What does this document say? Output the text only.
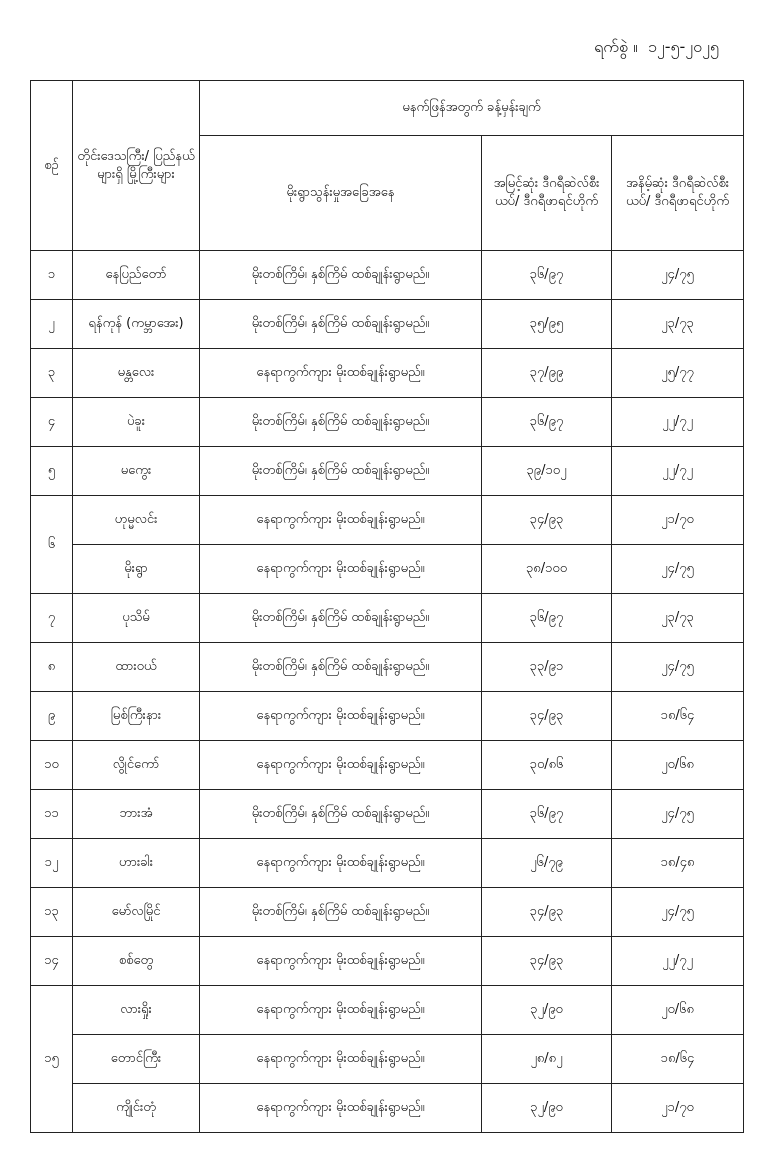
ရက်စွဲ ။ ၁၂-၅-၂၀၂၅
စဉ်	တိုင်းဒေသကြီး/ ပြည်နယ်များရှိ မြို့ကြီးများ	မနက်ဖြန်အတွက် ခန့်မှန်းချက်		
		မိုးရွာသွန်းမှုအခြေအနေ	အမြင့်ဆုံး ဒီဂရီဆဲလ်စီးယပ်/ ဒီဂရီဖာရင်ဟိုက်	အနိမ့်ဆုံး ဒီဂရီဆဲလ်စီးယပ်/ ဒီဂရီဖာရင်ဟိုက်
၁	နေပြည်တော်	မိုးတစ်ကြိမ်၊ နှစ်ကြိမ် ထစ်ချုန်းရွာမည်။	၃၆/၉၇	၂၄/၇၅
၂	ရန်ကုန် (ကမ္ဘာအေး)	မိုးတစ်ကြိမ်၊ နှစ်ကြိမ် ထစ်ချုန်းရွာမည်။	၃၅/၉၅	၂၃/၇၃
၃	မန္တလေး	နေရာကွက်ကျား မိုးထစ်ချုန်းရွာမည်။	၃၇/၉၉	၂၅/၇၇
၄	ပဲခူး	မိုးတစ်ကြိမ်၊ နှစ်ကြိမ် ထစ်ချုန်းရွာမည်။	၃၆/၉၇	၂၂/၇၂
၅	မကွေး	မိုးတစ်ကြိမ်၊ နှစ်ကြိမ် ထစ်ချုန်းရွာမည်။	၃၉/၁၀၂	၂၂/၇၂
၆	ဟုမ္မလင်း	နေရာကွက်ကျား မိုးထစ်ချုန်းရွာမည်။	၃၄/၉၃	၂၁/၇၀
	မိုးရွာ	နေရာကွက်ကျား မိုးထစ်ချုန်းရွာမည်။	၃၈/၁၀၀	၂၄/၇၅
၇	ပုသိမ်	မိုးတစ်ကြိမ်၊ နှစ်ကြိမ် ထစ်ချုန်းရွာမည်။	၃၆/၉၇	၂၃/၇၃
၈	ထားဝယ်	မိုးတစ်ကြိမ်၊ နှစ်ကြိမ် ထစ်ချုန်းရွာမည်။	၃၃/၉၁	၂၄/၇၅
၉	မြစ်ကြီးနား	နေရာကွက်ကျား မိုးထစ်ချုန်းရွာမည်။	၃၄/၉၃	၁၈/၆၄
၁၀	လွိုင်ကော်	နေရာကွက်ကျား မိုးထစ်ချုန်းရွာမည်။	၃၀/၈၆	၂၀/၆၈
၁၁	ဘားအံ	မိုးတစ်ကြိမ်၊ နှစ်ကြိမ် ထစ်ချုန်းရွာမည်။	၃၆/၉၇	၂၄/၇၅
၁၂	ဟားခါး	နေရာကွက်ကျား မိုးထစ်ချုန်းရွာမည်။	၂၆/၇၉	၁၈/၄၈
၁၃	မော်လမြိုင်	မိုးတစ်ကြိမ်၊ နှစ်ကြိမ် ထစ်ချုန်းရွာမည်။	၃၄/၉၃	၂၄/၇၅
၁၄	စစ်တွေ	နေရာကွက်ကျား မိုးထစ်ချုန်းရွာမည်။	၃၄/၉၃	၂၂/၇၂
၁၅	လားရှိုး	နေရာကွက်ကျား မိုးထစ်ချုန်းရွာမည်။	၃၂/၉၀	၂၀/၆၈
	တောင်ကြီး	နေရာကွက်ကျား မိုးထစ်ချုန်းရွာမည်။	၂၈/၈၂	၁၈/၆၄
	ကျိုင်းတုံ	နေရာကွက်ကျား မိုးထစ်ချုန်းရွာမည်။	၃၂/၉၀	၂၁/၇၀
